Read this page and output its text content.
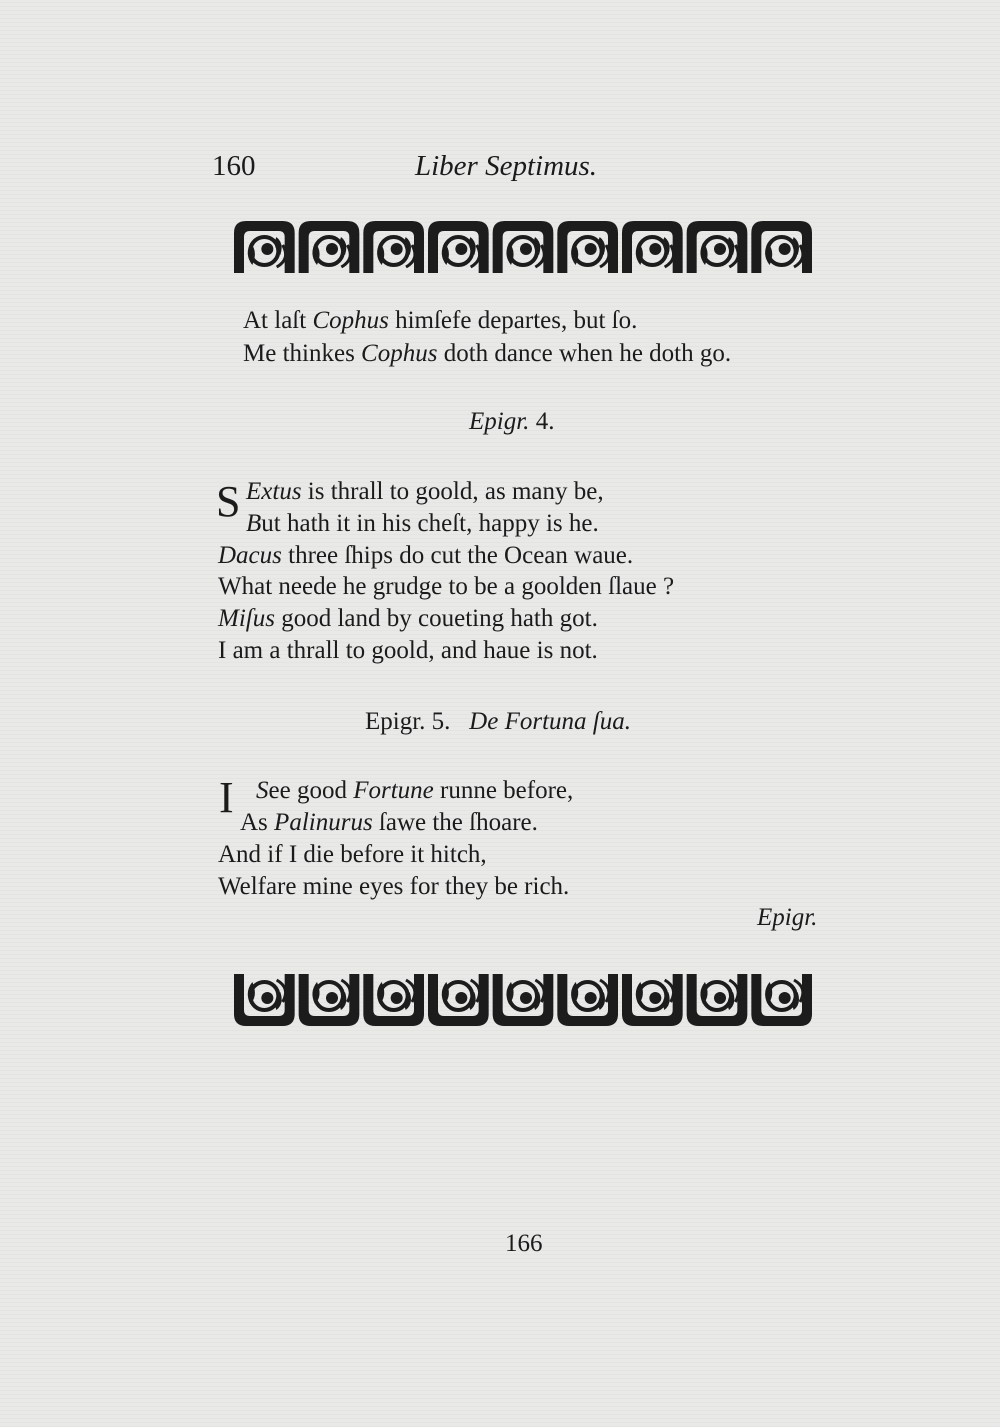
160	Liber Septimus.
At laſt Cophus himſefe departes, but ſo.
Me thinkes Cophus doth dance when he doth go.
Epigr. 4.
S Extus is thrall to goold, as many be,
But hath it in his cheſt, happy is he.
Dacus three ſhips do cut the Ocean waue.
What neede he grudge to be a goolden ſlaue ?
Miſus good land by coueting hath got.
I am a thrall to goold, and haue is not.
Epigr. 5. De Fortuna ſua.
I See good Fortune runne before,
As Palinurus ſawe the ſhoare.
And if I die before it hitch,
Welfare mine eyes for they be rich.
Epigr.
166
